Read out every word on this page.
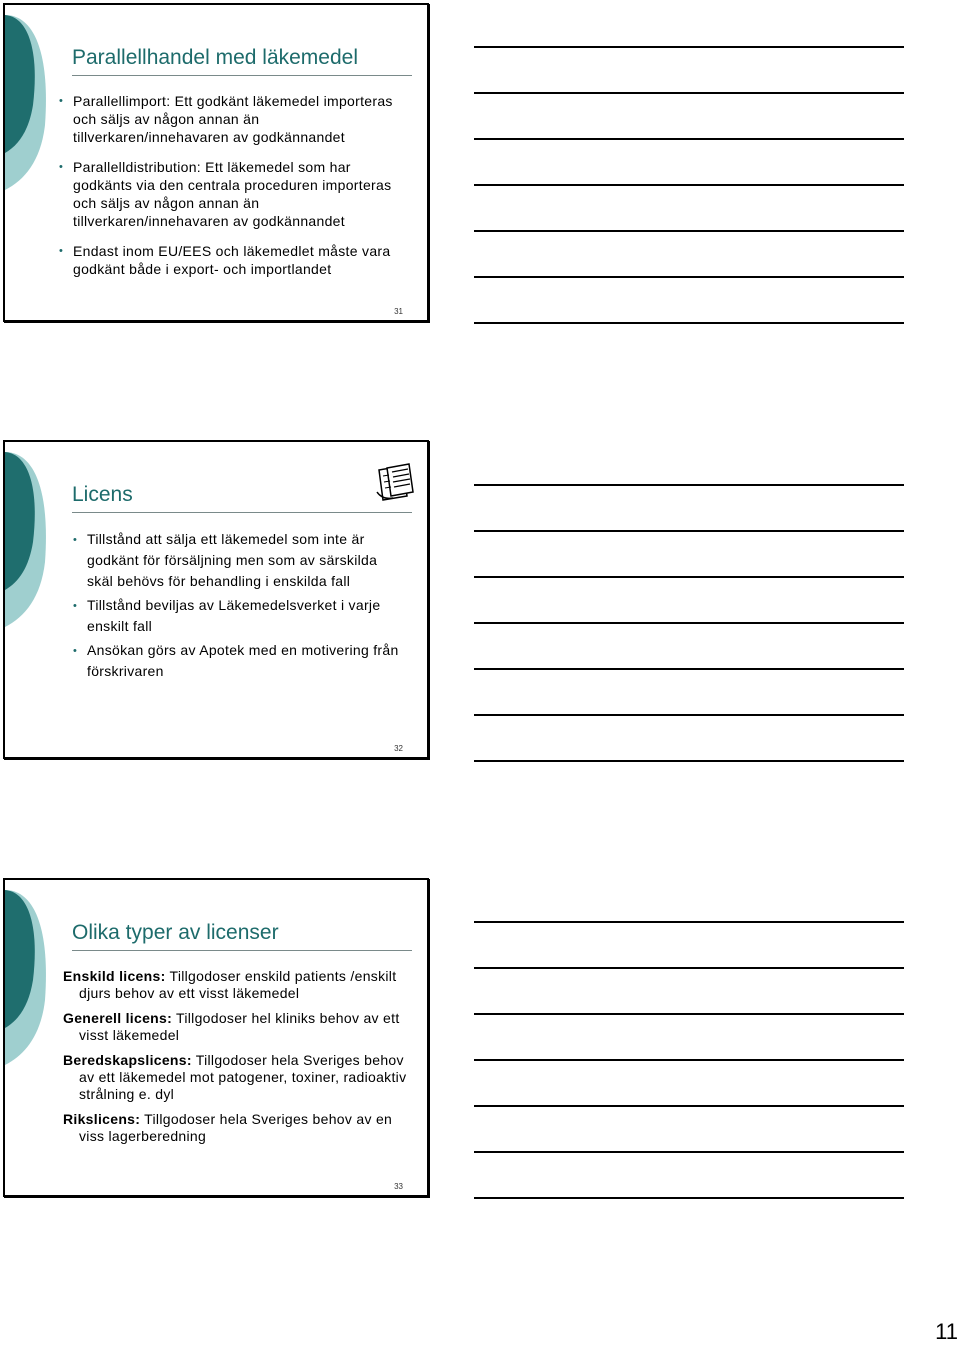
Parallellhandel med läkemedel
• Parallellimport: Ett godkänt läkemedel importeras och säljs av någon annan än tillverkaren/innehavaren av godkännandet
• Parallelldistribution: Ett läkemedel som har godkänts via den centrala proceduren importeras och säljs av någon annan än tillverkaren/innehavaren av godkännandet
• Endast inom EU/EES och läkemedlet måste vara godkänt både i export- och importlandet
31
Licens
• Tillstånd att sälja ett läkemedel som inte är godkänt för försäljning men som av särskilda skäl behövs för behandling i enskilda fall
• Tillstånd beviljas av Läkemedelsverket i varje enskilt fall
• Ansökan görs av Apotek med en motivering från förskrivaren
32
Olika typer av licenser
Enskild licens: Tillgodoser enskild patients /enskilt djurs behov av ett visst läkemedel
Generell licens: Tillgodoser hel kliniks behov av ett visst läkemedel
Beredskapslicens: Tillgodoser hela Sveriges behov av ett läkemedel mot patogener, toxiner, radioaktiv strålning e. dyl
Rikslicens: Tillgodoser hela Sveriges behov av en viss lagerberedning
33
11
